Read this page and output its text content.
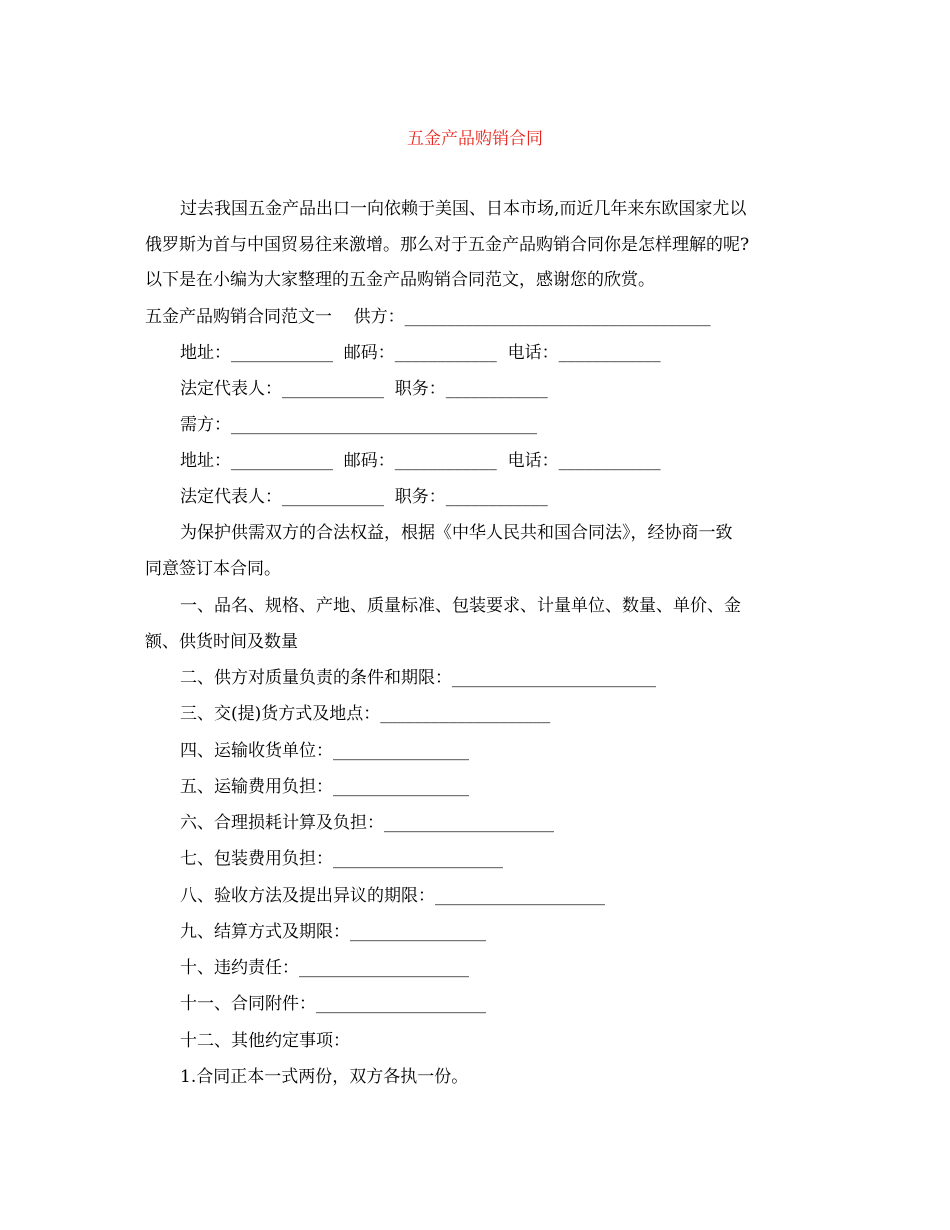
五金产品购销合同
过去我国五金产品出口一向依赖于美国、日本市场,而近几年来东欧国家尤以
俄罗斯为首与中国贸易往来激增。那么对于五金产品购销合同你是怎样理解的呢?
以下是在小编为大家整理的五金产品购销合同范文，感谢您的欣赏。
五金产品购销合同范文一    供方：____________________________________
地址：____________  邮码：____________  电话：____________
法定代表人：____________  职务：____________
需方：____________________________________
地址：____________  邮码：____________  电话：____________
法定代表人：____________  职务：____________
为保护供需双方的合法权益，根据《中华人民共和国合同法》，经协商一致
同意签订本合同。
一、品名、规格、产地、质量标准、包装要求、计量单位、数量、单价、金
额、供货时间及数量
二、供方对质量负责的条件和期限：________________________
三、交(提)货方式及地点：____________________
四、运输收货单位：________________
五、运输费用负担：________________
六、合理损耗计算及负担：____________________
七、包装费用负担：____________________
八、验收方法及提出异议的期限：____________________
九、结算方式及期限：________________
十、违约责任：____________________
十一、合同附件：____________________
十二、其他约定事项：
1.合同正本一式两份，双方各执一份。
